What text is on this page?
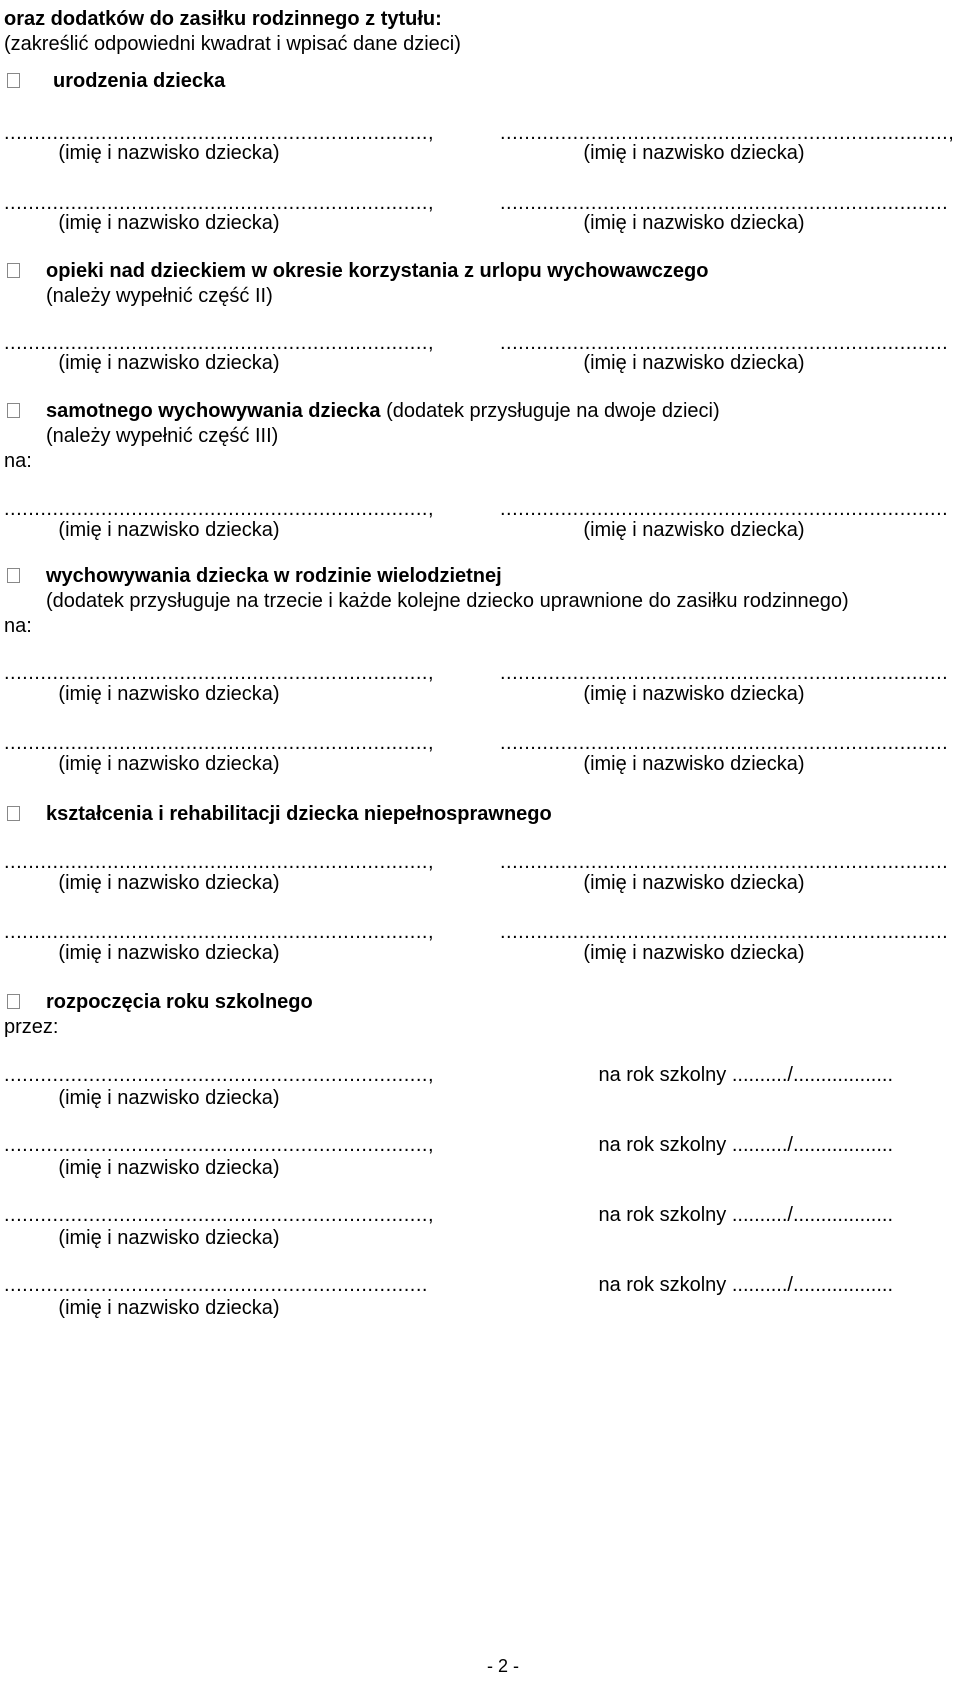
oraz dodatków do zasiłku rodzinnego z tytułu:
(zakreślić odpowiedni kwadrat i wpisać dane dzieci)
urodzenia dziecka
......................................................................,	..........................................................................,
(imię i nazwisko dziecka)	(imię i nazwisko dziecka)
......................................................................,	..........................................................................
(imię i nazwisko dziecka)	(imię i nazwisko dziecka)
opieki nad dzieckiem w okresie korzystania z urlopu wychowawczego
(należy wypełnić część II)
......................................................................,	..........................................................................
(imię i nazwisko dziecka)	(imię i nazwisko dziecka)
samotnego wychowywania dziecka (dodatek przysługuje na dwoje dzieci)
(należy wypełnić część III)
na:
......................................................................,	..........................................................................
(imię i nazwisko dziecka)	(imię i nazwisko dziecka)
wychowywania dziecka w rodzinie wielodzietnej
(dodatek przysługuje na trzecie i każde kolejne dziecko uprawnione do zasiłku rodzinnego)
na:
......................................................................,	..........................................................................
(imię i nazwisko dziecka)	(imię i nazwisko dziecka)
......................................................................,	..........................................................................
(imię i nazwisko dziecka)	(imię i nazwisko dziecka)
kształcenia i rehabilitacji dziecka niepełnosprawnego
......................................................................,	..........................................................................
(imię i nazwisko dziecka)	(imię i nazwisko dziecka)
......................................................................,	..........................................................................
(imię i nazwisko dziecka)	(imię i nazwisko dziecka)
rozpoczęcia roku szkolnego
przez:
......................................................................,	na rok szkolny ........../..................
(imię i nazwisko dziecka)
......................................................................,	na rok szkolny ........../..................
(imię i nazwisko dziecka)
......................................................................,	na rok szkolny ........../..................
(imię i nazwisko dziecka)
......................................................................	na rok szkolny ........../..................
(imię i nazwisko dziecka)
- 2 -
